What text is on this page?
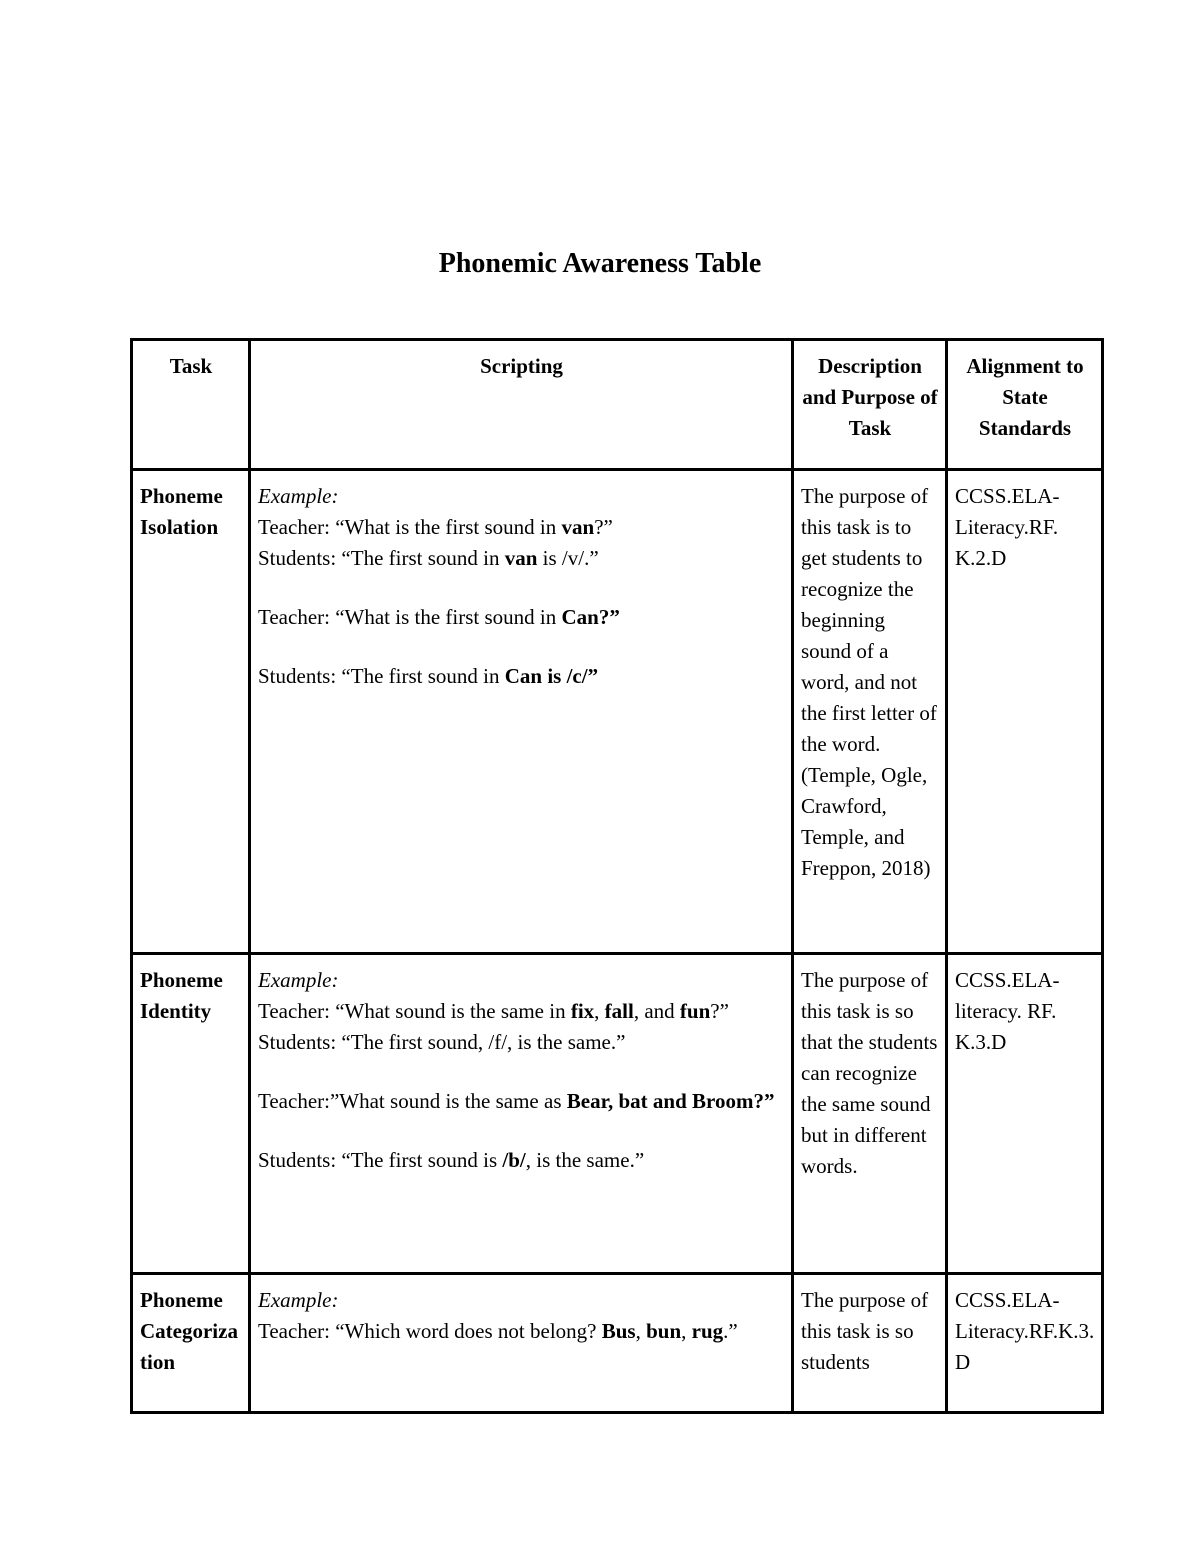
Phonemic Awareness Table
Task	Scripting	Description and Purpose of Task	Alignment to State Standards
Phoneme Isolation	Example:
Teacher: “What is the first sound in van?”
Students: “The first sound in van is /v/.”
Teacher: “What is the first sound in Can?”
Students: “The first sound in Can is /c/”	The purpose of this task is to get students to recognize the beginning sound of a word, and not the first letter of the word. (Temple, Ogle, Crawford, Temple, and Freppon, 2018)	CCSS.ELA-Literacy.RF. K.2.D
Phoneme Identity	Example:
Teacher: “What sound is the same in fix, fall, and fun?”
Students: “The first sound, /f/, is the same.”
Teacher:”What sound is the same as Bear, bat and Broom?”
Students: “The first sound is /b/, is the same.”	The purpose of this task is so that the students can recognize the same sound but in different words.	CCSS.ELA-literacy. RF. K.3.D
Phoneme Categorization	Example:
Teacher: “Which word does not belong? Bus, bun, rug.”	The purpose of this task is so students	CCSS.ELA-Literacy.RF.K.3.D
